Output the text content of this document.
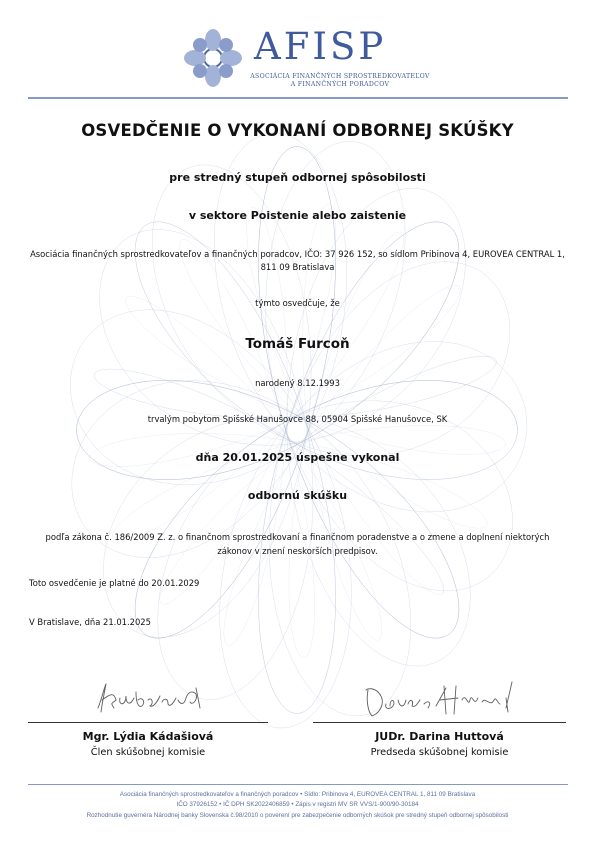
AFISP
ASOCIÁCIA FINANČNÝCH SPROSTREDKOVATEĽOV
A FINANČNÝCH PORADCOV
OSVEDČENIE O VYKONANÍ ODBORNEJ SKÚŠKY
pre stredný stupeň odbornej spôsobilosti
v sektore Poistenie alebo zaistenie
Asociácia finančných sprostredkovateľov a finančných poradcov, IČO: 37 926 152, so sídlom Pribinova 4, EUROVEA CENTRAL 1, 811 09 Bratislava
týmto osvedčuje, že
Tomáš Furcoň
narodený 8.12.1993
trvalým pobytom Spišské Hanušovce 88, 05904 Spišské Hanušovce, SK
dňa 20.01.2025 úspešne vykonal
odbornú skúšku
podľa zákona č. 186/2009 Z. z. o finančnom sprostredkovaní a finančnom poradenstve a o zmene a doplnení niektorých zákonov v znení neskorších predpisov.
Toto osvedčenie je platné do 20.01.2029
V Bratislave, dňa 21.01.2025
Mgr. Lýdia Kádašiová
Člen skúšobnej komisie
JUDr. Darina Huttová
Predseda skúšobnej komisie
Asociácia finančných sprostredkovateľov a finančných poradcov • Sídlo: Pribinova 4, EUROVEA CENTRAL 1, 811 09 Bratislava
IČO 37926152 • IČ DPH SK2022406859 • Zápis v registri MV SR VVS/1-900/90-30184
Rozhodnutie guvernéra Národnej banky Slovenska č.98/2010 o poverení pre zabezpečenie odborných skúšok pre stredný stupeň odbornej spôsobilosti
